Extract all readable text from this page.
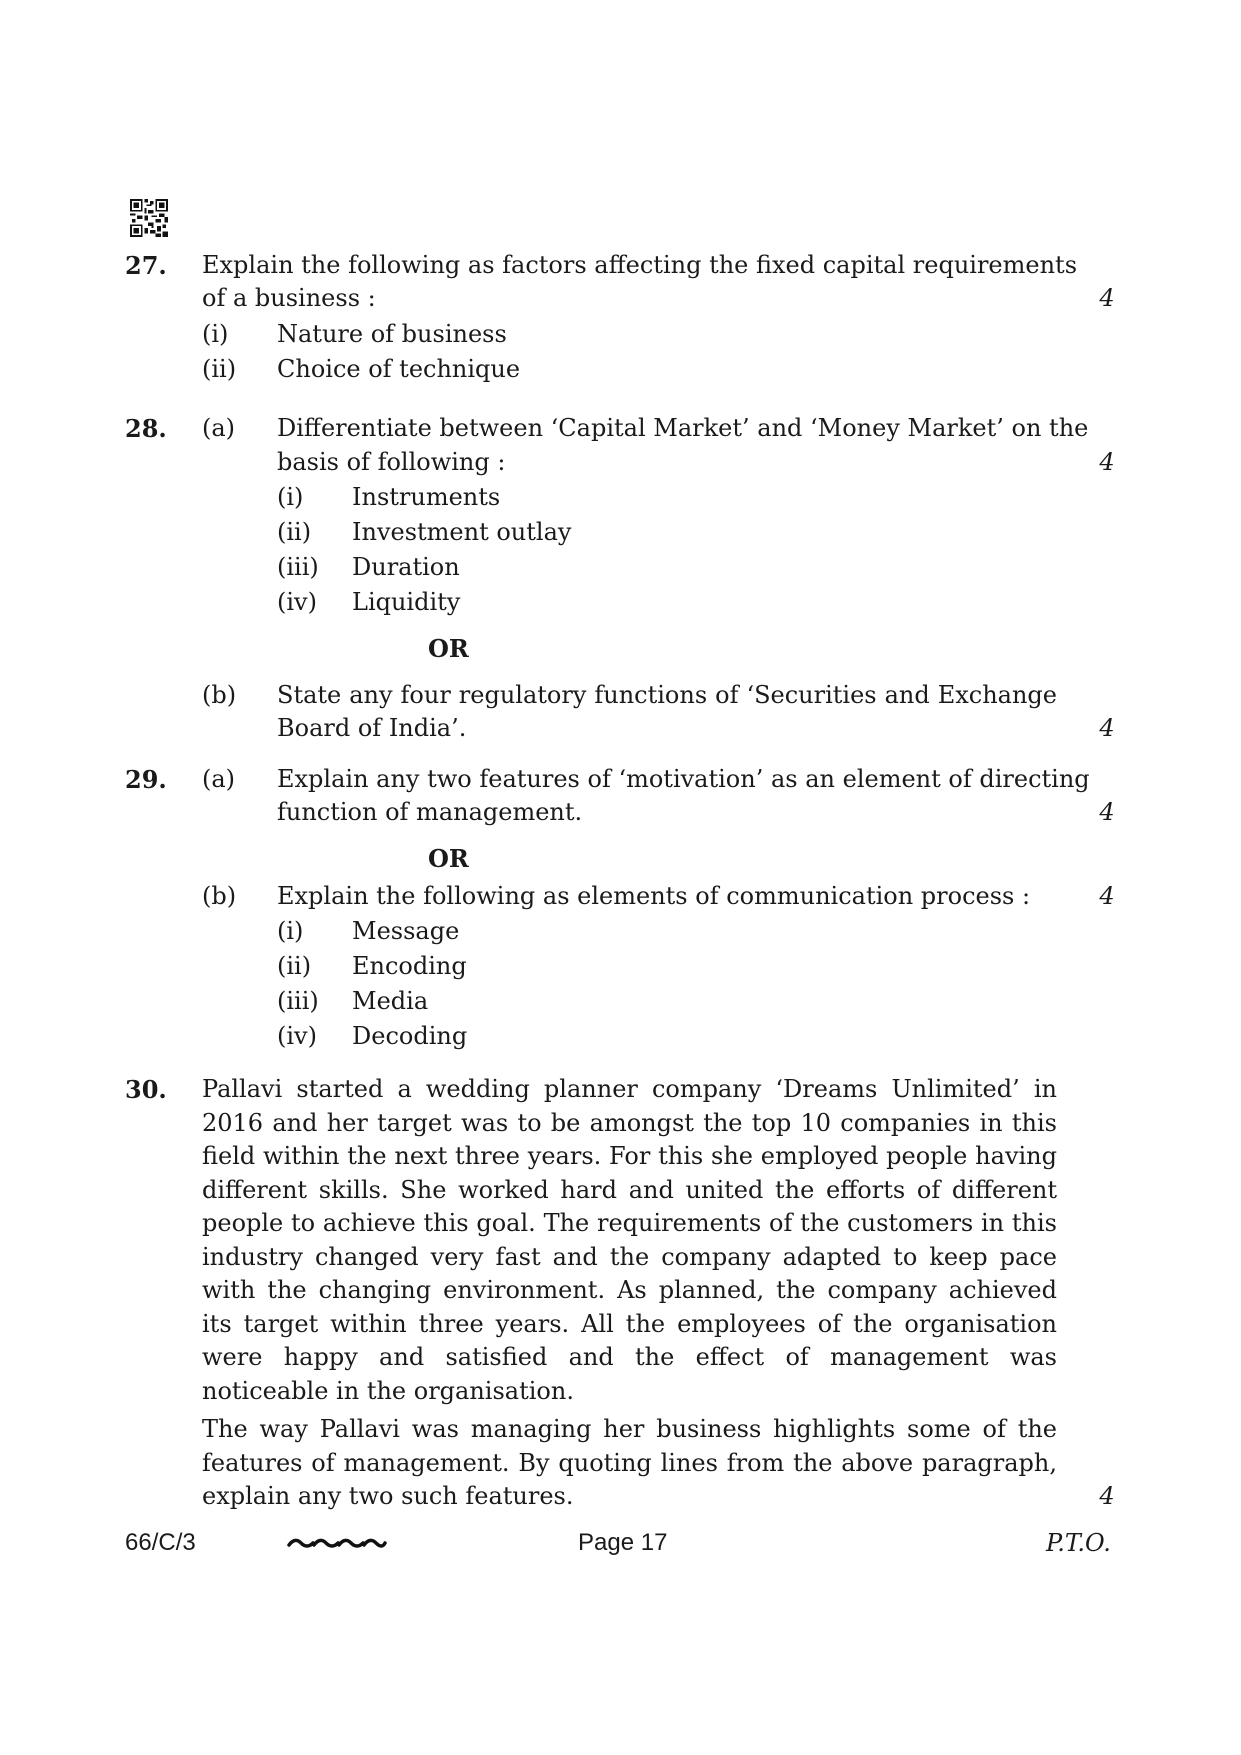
27. Explain the following as factors affecting the fixed capital requirements
of a business :	4
(i) Nature of business
(ii) Choice of technique
28. (a) Differentiate between ‘Capital Market’ and ‘Money Market’ on the
basis of following :	4
(i) Instruments
(ii) Investment outlay
(iii) Duration
(iv) Liquidity
OR
(b) State any four regulatory functions of ‘Securities and Exchange
Board of India’.	4
29. (a) Explain any two features of ‘motivation’ as an element of directing
function of management.	4
OR
(b) Explain the following as elements of communication process :	4
(i) Message
(ii) Encoding
(iii) Media
(iv) Decoding
30. Pallavi started a wedding planner company ‘Dreams Unlimited’ in 2016 and her target was to be amongst the top 10 companies in this field within the next three years. For this she employed people having different skills. She worked hard and united the efforts of different people to achieve this goal. The requirements of the customers in this industry changed very fast and the company adapted to keep pace with the changing environment. As planned, the company achieved its target within three years. All the employees of the organisation were happy and satisfied and the effect of management was noticeable in the organisation.
The way Pallavi was managing her business highlights some of the
features of management. By quoting lines from the above paragraph,
explain any two such features.	4
66/C/3	Page 17	P.T.O.
